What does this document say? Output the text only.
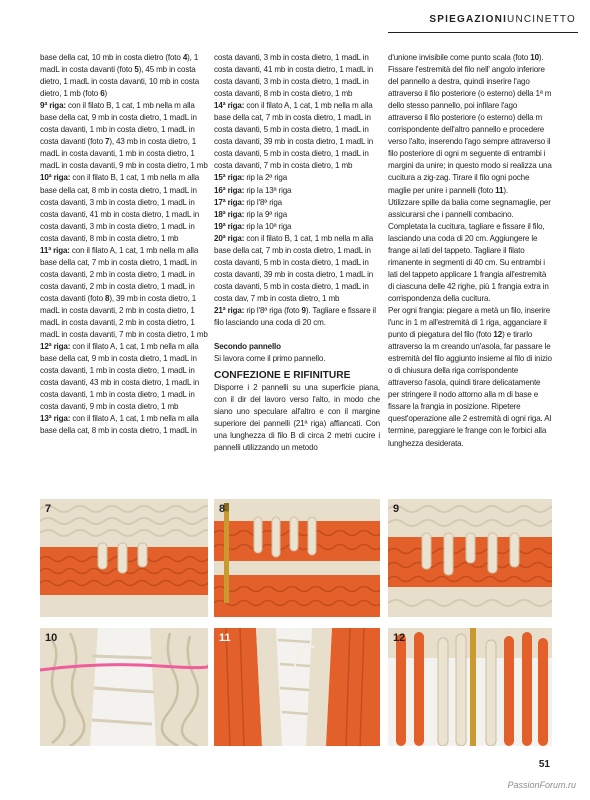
SPIEGAZIONIUNCINETTO

base della cat, 10 mb in costa dietro (foto 4), 1 madL in costa davanti (foto 5), 45 mb in costa dietro, 1 madL in costa davanti, 10 mb in costa dietro, 1 mb (foto 6)

9ª riga: con il filato B, 1 cat, 1 mb nella m alla base della cat, 9 mb in costa dietro, 1 madL in costa davanti, 1 mb in costa dietro, 1 madL in costa davanti (foto 7), 43 mb in costa dietro, 1 madL in costa davanti, 1 mb in costa dietro, 1 madL in costa davanti, 9 mb in costa dietro, 1 mb

10ª riga: con il filato B, 1 cat, 1 mb nella m alla base della cat, 8 mb in costa dietro, 1 madL in costa davanti, 3 mb in costa dietro, 1 madL in costa davanti, 41 mb in costa dietro, 1 madL in costa davanti, 3 mb in costa dietro, 1 madL in costa davanti, 8 mb in costa dietro, 1 mb

11ª riga: con il filato A, 1 cat, 1 mb nella m alla base della cat, 7 mb in costa dietro, 1 madL in costa davanti, 2 mb in costa dietro, 1 madL in costa davanti, 2 mb in costa dietro, 1 madL in costa davanti (foto 8), 39 mb in costa dietro, 1 madL in costa davanti, 2 mb in costa dietro, 1 madL in costa davanti, 2 mb in costa dietro, 1 madL in costa davanti, 7 mb in costa dietro, 1 mb

12ª riga: con il filato A, 1 cat, 1 mb nella m alla base della cat, 9 mb in costa dietro, 1 madL in costa davanti, 1 mb in costa dietro, 1 madL in costa davanti, 43 mb in costa dietro, 1 madL in costa davanti, 1 mb in costa dietro, 1 madL in costa davanti, 9 mb in costa dietro, 1 mb

13ª riga: con il filato A, 1 cat, 1 mb nella m alla base della cat, 8 mb in costa dietro, 1 madL in

costa davanti, 3 mb in costa dietro, 1 madL in costa davanti, 41 mb in costa dietro, 1 madL in costa davanti, 3 mb in costa dietro, 1 madL in costa davanti, 8 mb in costa dietro, 1 mb

14ª riga: con il filato A, 1 cat, 1 mb nella m alla base della cat, 7 mb in costa dietro, 1 madL in costa davanti, 5 mb in costa dietro, 1 madL in costa davanti, 39 mb in costa dietro, 1 madL in costa davanti, 5 mb in costa dietro, 1 madL in costa davanti, 7 mb in costa dietro, 1 mb

15ª riga: rip la 2ª riga

16ª riga: rip la 13ª riga

17ª riga: rip l'8ª riga

18ª riga: rip la 9ª riga

19ª riga: rip la 10ª riga

20ª riga: con il filato B, 1 cat, 1 mb nella m alla base della cat, 7 mb in costa dietro, 1 madL in costa davanti, 5 mb in costa dietro, 1 madL in costa davanti, 39 mb in costa dietro, 1 madL in costa davanti, 5 mb in costa dietro, 1 madL in costa dav, 7 mb in costa dietro, 1 mb

21ª riga: rip l'8ª riga (foto 9). Tagliare e fissare il filo lasciando una coda di 20 cm.

Secondo pannello

Si lavora come il primo pannello.

CONFEZIONE E RIFINITURE

Disporre i 2 pannelli su una superficie piana, con il dir del lavoro verso l'alto, in modo che siano uno speculare all'altro e con il margine superiore dei pannelli (21ª riga) affiancati. Con una lunghezza di filo B di circa 2 metri cucire i pannelli utilizzando un metodo

d'unione invisibile come punto scala (foto 10). Fissare l'estremità del filo nell' angolo inferiore del pannello a destra, quindi inserire l'ago attraverso il filo posteriore (o esterno) della 1ª m dello stesso pannello, poi infilare l'ago attraverso il filo posteriore (o esterno) della m corrispondente dell'altro pannello e procedere verso l'alto, inserendo l'ago sempre attraverso il filo posteriore di ogni m seguente di entrambi i margini da unire; in questo modo si realizza una cucitura a zig-zag. Tirare il filo ogni poche maglie per unire i pannelli (foto 11).

Utilizzare spille da balia come segnamaglie, per assicurarsi che i pannelli combacino. Completata la cucitura, tagliare e fissare il filo, lasciando una coda di 20 cm. Aggiungere le frange ai lati del tappeto. Tagliare il filato rimanente in segmenti di 40 cm. Su entrambi i lati del tappeto applicare 1 frangia all'estremità di ciascuna delle 42 righe, più 1 frangia extra in corrispondenza della cucitura.

Per ogni frangia: piegare a metà un filo, inserire l'unc in 1 m all'estremità di 1 riga, agganciare il punto di piegatura del filo (foto 12) e tirarlo attraverso la m creando un'asola, far passare le estremità del filo aggiunto insieme al filo di inizio o di chiusura della riga corrispondente attraverso l'asola, quindi tirare delicatamente per stringere il nodo attorno alla m di base e fissare la frangia in posizione. Ripetere quest'operazione alle 2 estremità di ogni riga. Al termine, pareggiare le frange con le forbici alla lunghezza desiderata.

7	8	9
10	11	12
51
PassionForum.ru
